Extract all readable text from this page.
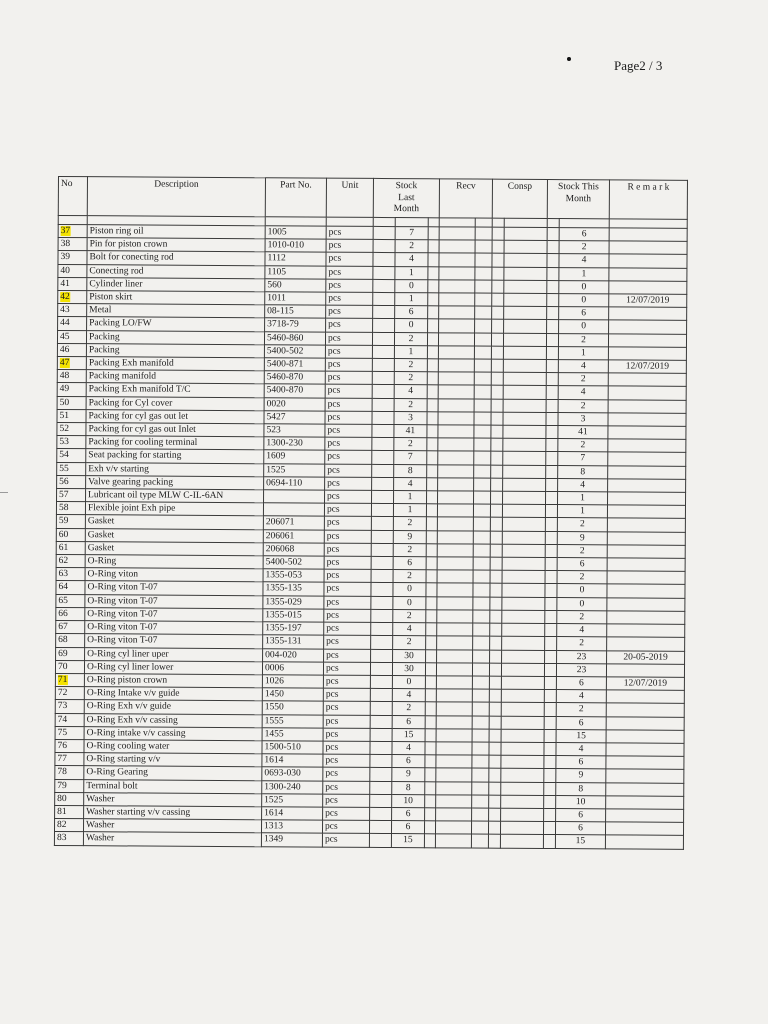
Page2 / 3
No	Description	Part No.	Unit	Stock Last Month			Recv		Consp		Stock This Month		R e m a r k

37	Piston ring oil	1005	pcs		7							6	
38	Pin for piston crown	1010-010	pcs		2							2	
39	Bolt for conecting rod	1112	pcs		4							4	
40	Conecting rod	1105	pcs		1							1	
41	Cylinder liner	560	pcs		0							0	
42	Piston skirt	1011	pcs		1							0	12/07/2019
43	Metal	08-115	pcs		6							6	
44	Packing LO/FW	3718-79	pcs		0							0	
45	Packing	5460-860	pcs		2							2	
46	Packing	5400-502	pcs		1							1	
47	Packing Exh manifold	5400-871	pcs		2							4	12/07/2019
48	Packing manifold	5460-870	pcs		2							2	
49	Packing Exh manifold T/C	5400-870	pcs		4							4	
50	Packing for Cyl cover	0020	pcs		2							2	
51	Packing for cyl gas out let	5427	pcs		3							3	
52	Packing for cyl gas out Inlet	523	pcs		41							41	
53	Packing for cooling terminal	1300-230	pcs		2							2	
54	Seat packing for starting	1609	pcs		7							7	
55	Exh v/v starting	1525	pcs		8							8	
56	Valve gearing packing	0694-110	pcs		4							4	
57	Lubricant oil type MLW C-IL-6AN		pcs		1							1	
58	Flexible joint Exh pipe		pcs		1							1	
59	Gasket	206071	pcs		2							2	
60	Gasket	206061	pcs		9							9	
61	Gasket	206068	pcs		2							2	
62	O-Ring	5400-502	pcs		6							6	
63	O-Ring viton	1355-053	pcs		2							2	
64	O-Ring viton T-07	1355-135	pcs		0							0	
65	O-Ring viton T-07	1355-029	pcs		0							0	
66	O-Ring viton T-07	1355-015	pcs		2							2	
67	O-Ring viton T-07	1355-197	pcs		4							4	
68	O-Ring viton T-07	1355-131	pcs		2							2	
69	O-Ring cyl liner uper	004-020	pcs		30							23	20-05-2019
70	O-Ring cyl liner lower	0006	pcs		30							23	
71	O-Ring piston crown	1026	pcs		0							6	12/07/2019
72	O-Ring Intake v/v guide	1450	pcs		4							4	
73	O-Ring Exh v/v guide	1550	pcs		2							2	
74	O-Ring Exh v/v cassing	1555	pcs		6							6	
75	O-Ring intake v/v cassing	1455	pcs		15							15	
76	O-Ring cooling water	1500-510	pcs		4							4	
77	O-Ring starting v/v	1614	pcs		6							6	
78	O-Ring Gearing	0693-030	pcs		9							9	
79	Terminal bolt	1300-240	pcs		8							8	
80	Washer	1525	pcs		10							10	
81	Washer starting v/v cassing	1614	pcs		6							6	
82	Washer	1313	pcs		6							6	
83	Washer	1349	pcs		15							15	
